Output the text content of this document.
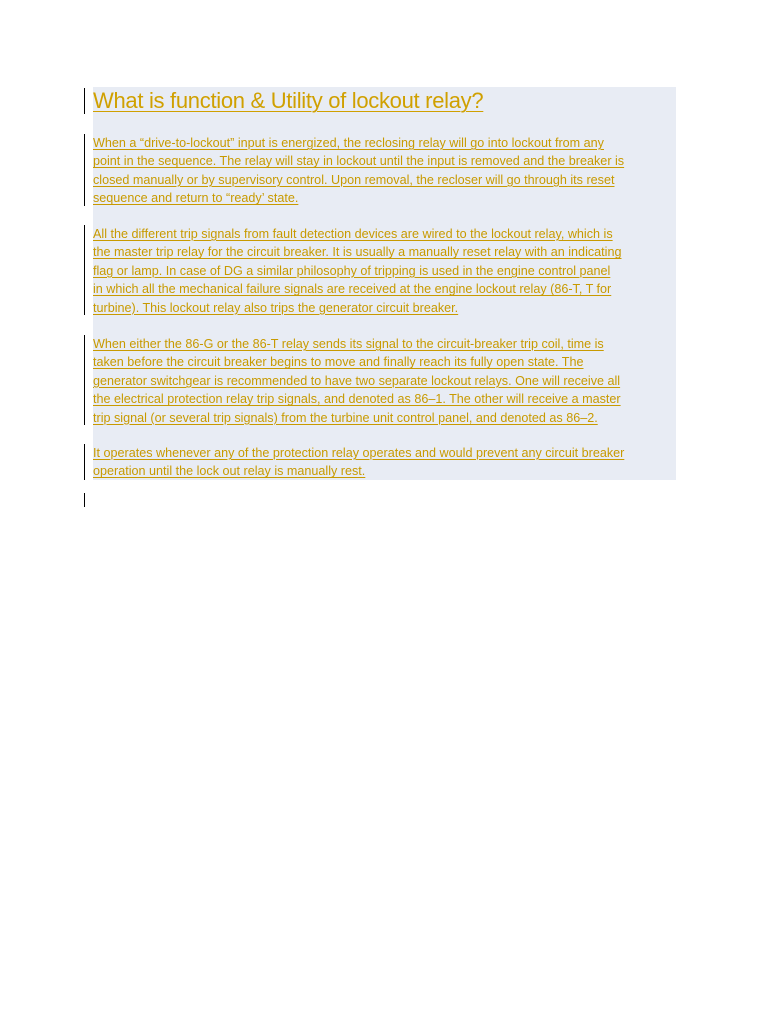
What is function & Utility of lockout relay?

When a “drive-to-lockout” input is energized, the reclosing relay will go into lockout from any
point in the sequence. The relay will stay in lockout until the input is removed and the breaker is
closed manually or by supervisory control. Upon removal, the recloser will go through its reset
sequence and return to “ready’ state.

All the different trip signals from fault detection devices are wired to the lockout relay, which is
the master trip relay for the circuit breaker. It is usually a manually reset relay with an indicating
flag or lamp. In case of DG a similar philosophy of tripping is used in the engine control panel
in which all the mechanical failure signals are received at the engine lockout relay (86-T, T for
turbine). This lockout relay also trips the generator circuit breaker.

When either the 86-G or the 86-T relay sends its signal to the circuit-breaker trip coil, time is
taken before the circuit breaker begins to move and finally reach its fully open state. The
generator switchgear is recommended to have two separate lockout relays. One will receive all
the electrical protection relay trip signals, and denoted as 86–1. The other will receive a master
trip signal (or several trip signals) from the turbine unit control panel, and denoted as 86–2.

It operates whenever any of the protection relay operates and would prevent any circuit breaker
operation until the lock out relay is manually rest.
